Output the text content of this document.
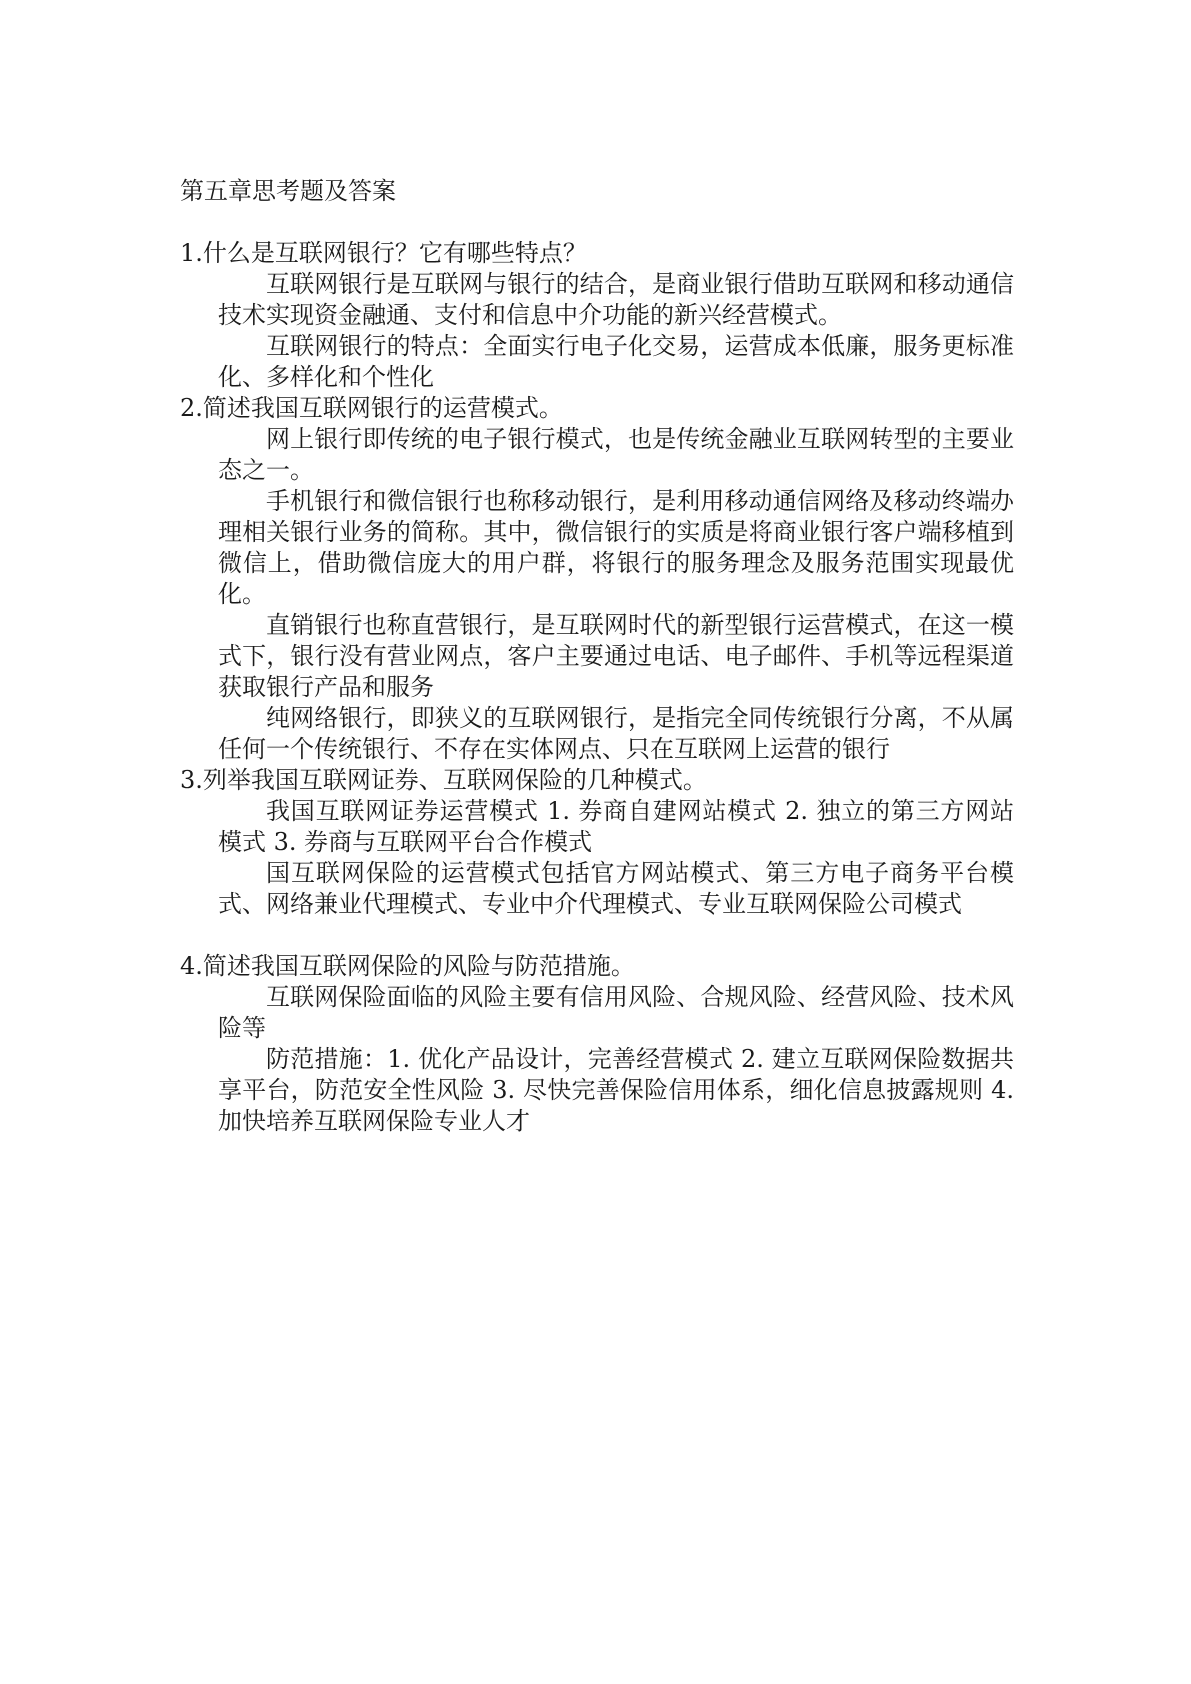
第五章思考题及答案

1.什么是互联网银行？它有哪些特点？

互联网银行是互联网与银行的结合，是商业银行借助互联网和移动通信技术实现资金融通、支付和信息中介功能的新兴经营模式。

互联网银行的特点：全面实行电子化交易，运营成本低廉，服务更标准化、多样化和个性化

2.简述我国互联网银行的运营模式。

网上银行即传统的电子银行模式，也是传统金融业互联网转型的主要业态之一。

手机银行和微信银行也称移动银行，是利用移动通信网络及移动终端办理相关银行业务的简称。其中，微信银行的实质是将商业银行客户端移植到微信上，借助微信庞大的用户群，将银行的服务理念及服务范围实现最优化。

直销银行也称直营银行，是互联网时代的新型银行运营模式，在这一模式下，银行没有营业网点，客户主要通过电话、电子邮件、手机等远程渠道获取银行产品和服务

纯网络银行，即狭义的互联网银行，是指完全同传统银行分离，不从属任何一个传统银行、不存在实体网点、只在互联网上运营的银行

3.列举我国互联网证券、互联网保险的几种模式。

我国互联网证券运营模式 1. 券商自建网站模式 2. 独立的第三方网站模式 3. 券商与互联网平台合作模式

国互联网保险的运营模式包括官方网站模式、第三方电子商务平台模式、网络兼业代理模式、专业中介代理模式、专业互联网保险公司模式

4.简述我国互联网保险的风险与防范措施。

互联网保险面临的风险主要有信用风险、合规风险、经营风险、技术风险等

防范措施：1. 优化产品设计，完善经营模式 2. 建立互联网保险数据共享平台，防范安全性风险 3. 尽快完善保险信用体系，细化信息披露规则 4. 加快培养互联网保险专业人才
